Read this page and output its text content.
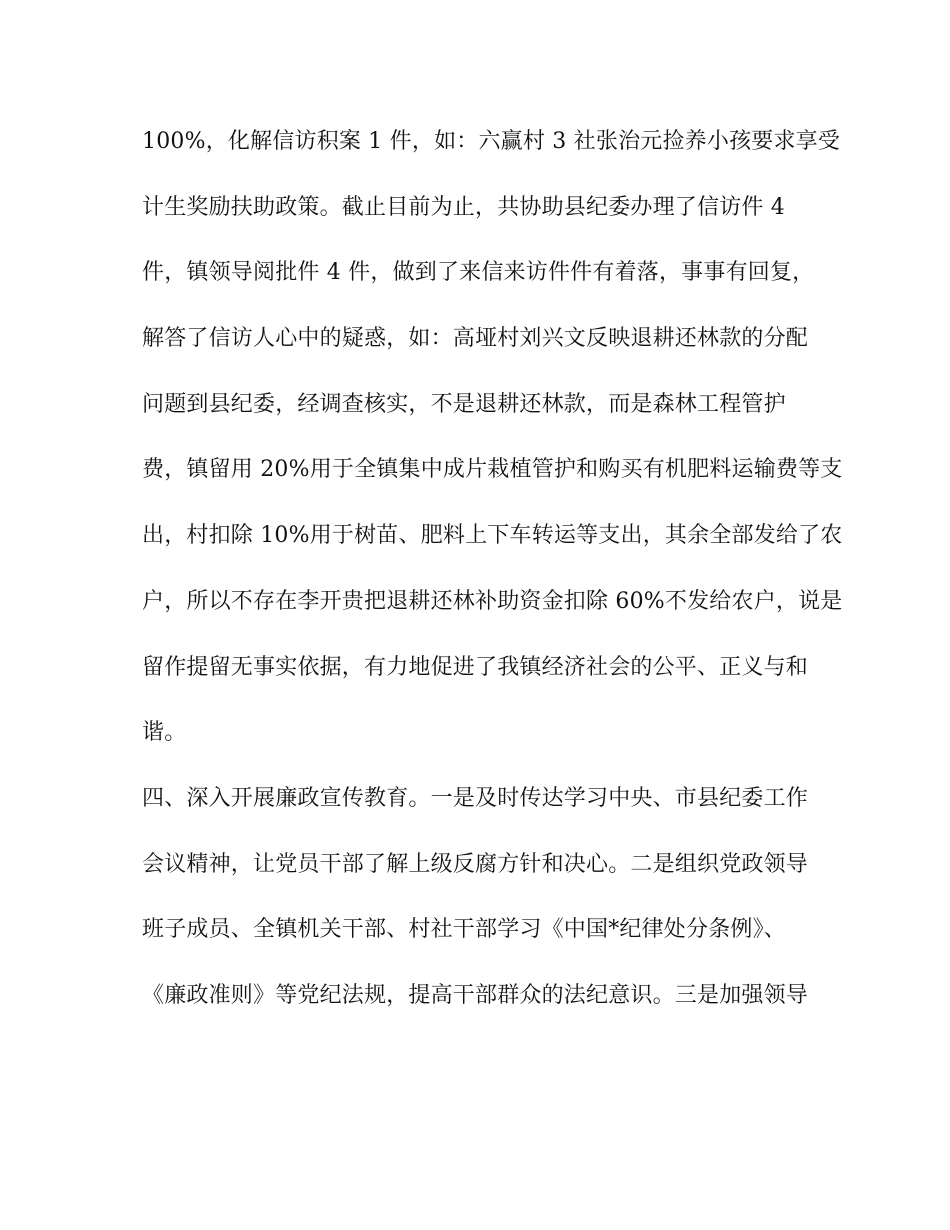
100%，化解信访积案 1 件，如：六赢村 3 社张治元捡养小孩要求享受
计生奖励扶助政策。截止目前为止，共协助县纪委办理了信访件 4
件，镇领导阅批件 4 件，做到了来信来访件件有着落，事事有回复，
解答了信访人心中的疑惑，如：高垭村刘兴文反映退耕还林款的分配
问题到县纪委，经调查核实，不是退耕还林款，而是森林工程管护
费，镇留用 20%用于全镇集中成片栽植管护和购买有机肥料运输费等支
出，村扣除 10%用于树苗、肥料上下车转运等支出，其余全部发给了农
户，所以不存在李开贵把退耕还林补助资金扣除 60%不发给农户，说是
留作提留无事实依据，有力地促进了我镇经济社会的公平、正义与和
谐。
四、深入开展廉政宣传教育。一是及时传达学习中央、市县纪委工作
会议精神，让党员干部了解上级反腐方针和决心。二是组织党政领导
班子成员、全镇机关干部、村社干部学习《中国*纪律处分条例》、
《廉政准则》等党纪法规，提高干部群众的法纪意识。三是加强领导
